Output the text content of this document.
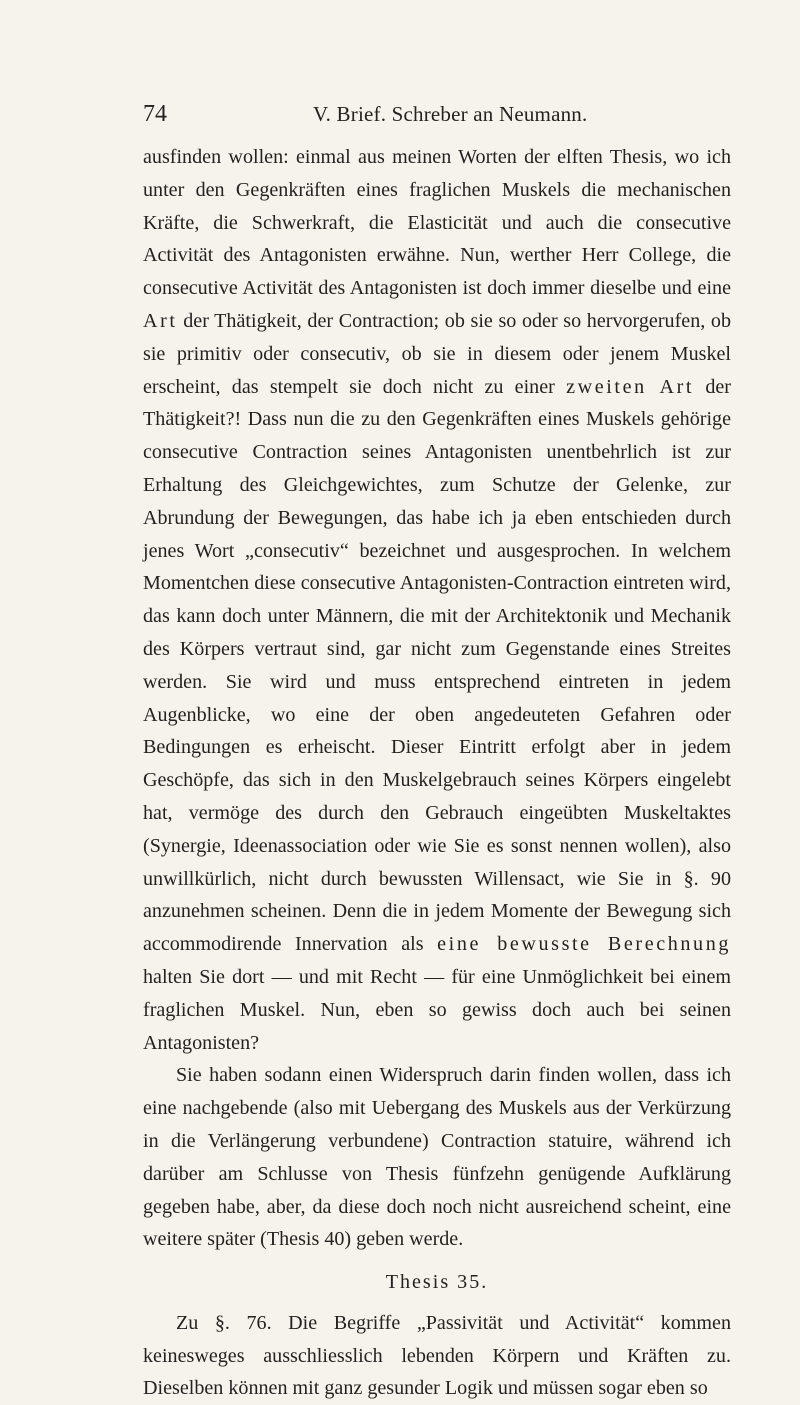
74	V. Brief. Schreber an Neumann.

ausfinden wollen: einmal aus meinen Worten der elften Thesis, wo ich unter den Gegenkräften eines fraglichen Muskels die mechanischen Kräfte, die Schwerkraft, die Elasticität und auch die consecutive Activität des Antagonisten erwähne. Nun, werther Herr College, die consecutive Activität des Antagonisten ist doch immer dieselbe und eine Art der Thätigkeit, der Contraction; ob sie so oder so hervorgerufen, ob sie primitiv oder consecutiv, ob sie in diesem oder jenem Muskel erscheint, das stempelt sie doch nicht zu einer zweiten Art der Thätigkeit?! Dass nun die zu den Gegenkräften eines Muskels gehörige consecutive Contraction seines Antagonisten unentbehrlich ist zur Erhaltung des Gleichgewichtes, zum Schutze der Gelenke, zur Abrundung der Bewegungen, das habe ich ja eben entschieden durch jenes Wort „consecutiv“ bezeichnet und ausgesprochen. In welchem Momentchen diese consecutive Antagonisten-Contraction eintreten wird, das kann doch unter Männern, die mit der Architektonik und Mechanik des Körpers vertraut sind, gar nicht zum Gegenstande eines Streites werden. Sie wird und muss entsprechend eintreten in jedem Augenblicke, wo eine der oben angedeuteten Gefahren oder Bedingungen es erheischt. Dieser Eintritt erfolgt aber in jedem Geschöpfe, das sich in den Muskelgebrauch seines Körpers eingelebt hat, vermöge des durch den Gebrauch eingeübten Muskeltaktes (Synergie, Ideenassociation oder wie Sie es sonst nennen wollen), also unwillkürlich, nicht durch bewussten Willensact, wie Sie in §. 90 anzunehmen scheinen. Denn die in jedem Momente der Bewegung sich accommodirende Innervation als eine bewusste Berechnung halten Sie dort — und mit Recht — für eine Unmöglichkeit bei einem fraglichen Muskel. Nun, eben so gewiss doch auch bei seinen Antagonisten?

Sie haben sodann einen Widerspruch darin finden wollen, dass ich eine nachgebende (also mit Uebergang des Muskels aus der Verkürzung in die Verlängerung verbundene) Contraction statuire, während ich darüber am Schlusse von Thesis fünfzehn genügende Aufklärung gegeben habe, aber, da diese doch noch nicht ausreichend scheint, eine weitere später (Thesis 40) geben werde.

Thesis 35.

Zu §. 76. Die Begriffe „Passivität und Activität“ kommen keinesweges ausschliesslich lebenden Körpern und Kräften zu. Dieselben können mit ganz gesunder Logik und müssen sogar eben so
